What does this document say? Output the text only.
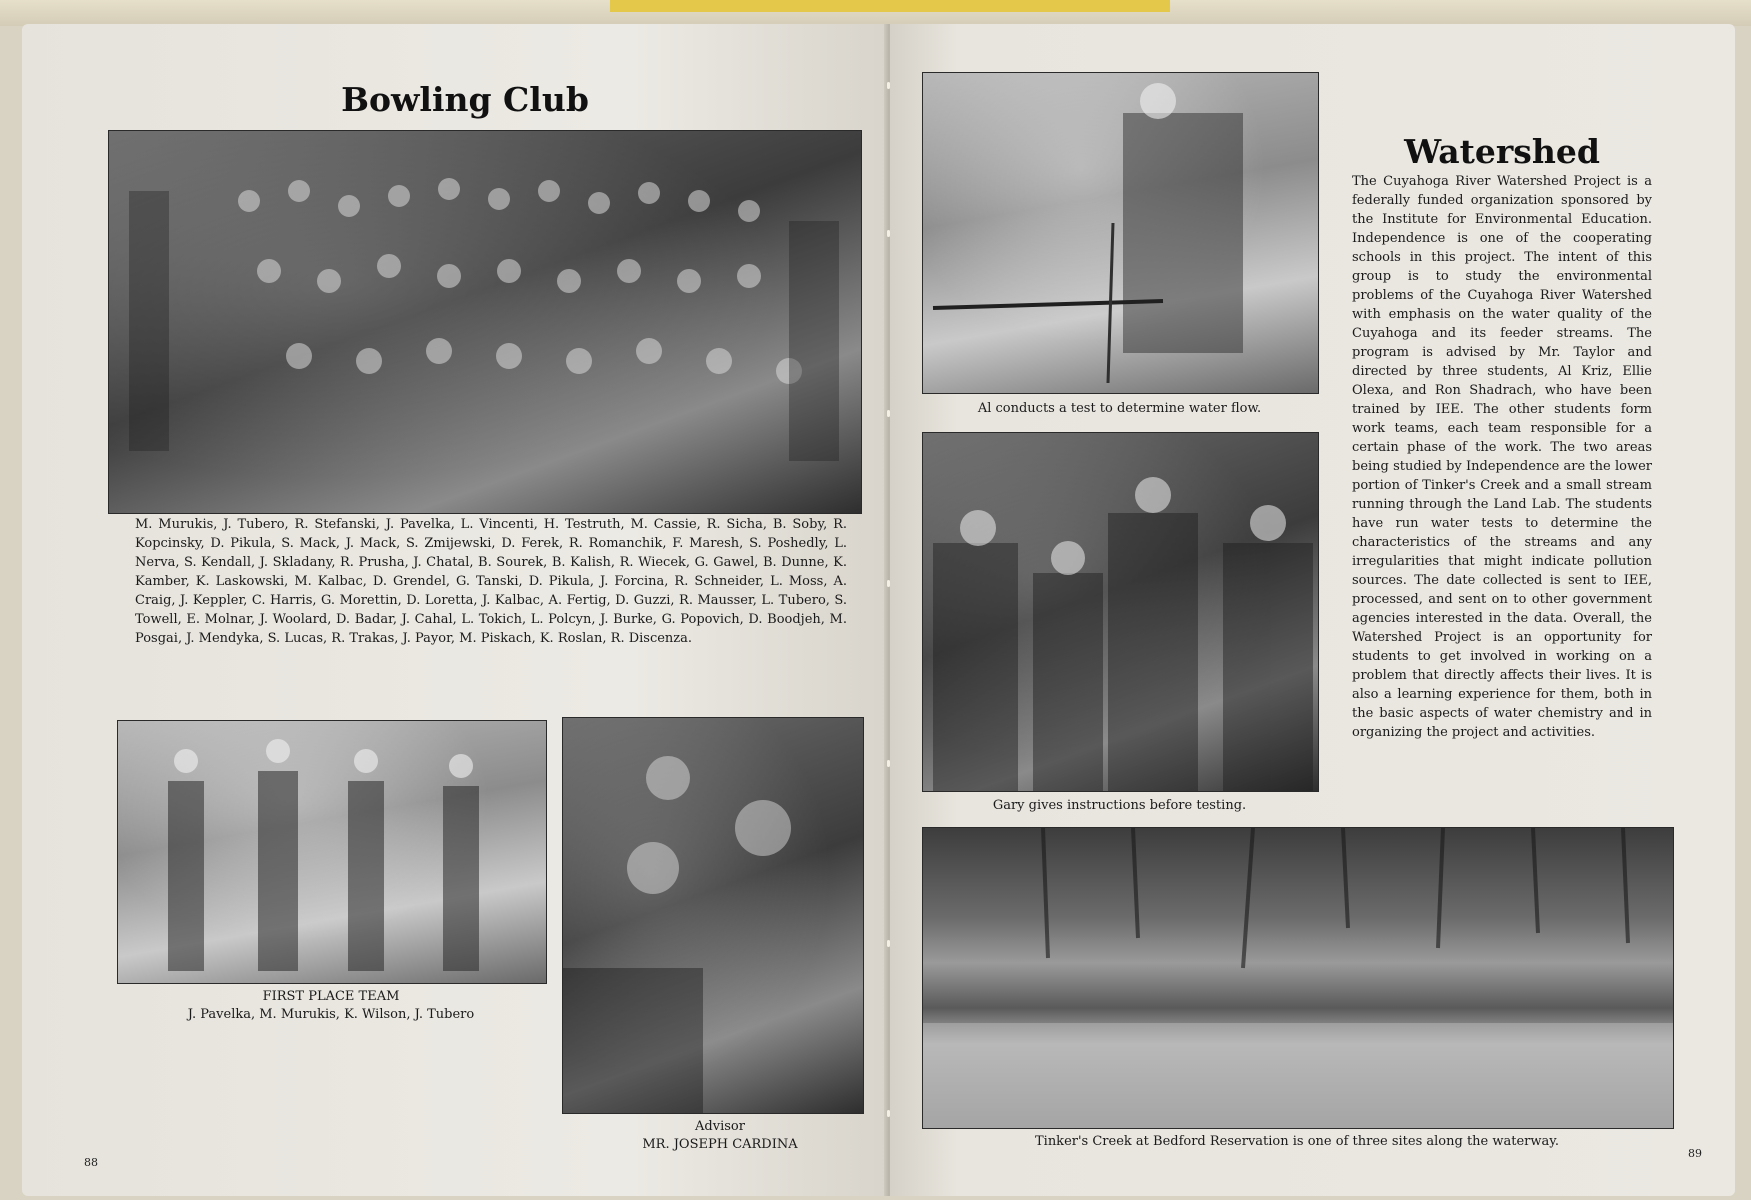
Bowling Club
M. Murukis, J. Tubero, R. Stefanski, J. Pavelka, L. Vincenti, H. Testruth, M. Cassie, R. Sicha, B. Soby, R. Kopcinsky, D. Pikula, S. Mack, J. Mack, S. Zmijewski, D. Ferek, R. Romanchik, F. Maresh, S. Poshedly, L. Nerva, S. Kendall, J. Skladany, R. Prusha, J. Chatal, B. Sourek, B. Kalish, R. Wiecek, G. Gawel, B. Dunne, K. Kamber, K. Laskowski, M. Kalbac, D. Grendel, G. Tanski, D. Pikula, J. Forcina, R. Schneider, L. Moss, A. Craig, J. Keppler, C. Harris, G. Morettin, D. Loretta, J. Kalbac, A. Fertig, D. Guzzi, R. Mausser, L. Tubero, S. Towell, E. Molnar, J. Woolard, D. Badar, J. Cahal, L. Tokich, L. Polcyn, J. Burke, G. Popovich, D. Boodjeh, M. Posgai, J. Mendyka, S. Lucas, R. Trakas, J. Payor, M. Piskach, K. Roslan, R. Discenza.
FIRST PLACE TEAM
J. Pavelka, M. Murukis, K. Wilson, J. Tubero
Advisor
MR. JOSEPH CARDINA
88
Al conducts a test to determine water flow.
Gary gives instructions before testing.
Watershed
The Cuyahoga River Watershed Project is a federally funded organization sponsored by the Institute for Environmental Education. Independence is one of the cooperating schools in this project. The intent of this group is to study the environmental problems of the Cuyahoga River Watershed with emphasis on the water quality of the Cuyahoga and its feeder streams. The program is advised by Mr. Taylor and directed by three students, Al Kriz, Ellie Olexa, and Ron Shadrach, who have been trained by IEE. The other students form work teams, each team responsible for a certain phase of the work. The two areas being studied by Independence are the lower portion of Tinker's Creek and a small stream running through the Land Lab. The students have run water tests to determine the characteristics of the streams and any irregularities that might indicate pollution sources. The date collected is sent to IEE, processed, and sent on to other government agencies interested in the data. Overall, the Watershed Project is an opportunity for students to get involved in working on a problem that directly affects their lives. It is also a learning experience for them, both in the basic aspects of water chemistry and in organizing the project and activities.
Tinker's Creek at Bedford Reservation is one of three sites along the waterway.
89
